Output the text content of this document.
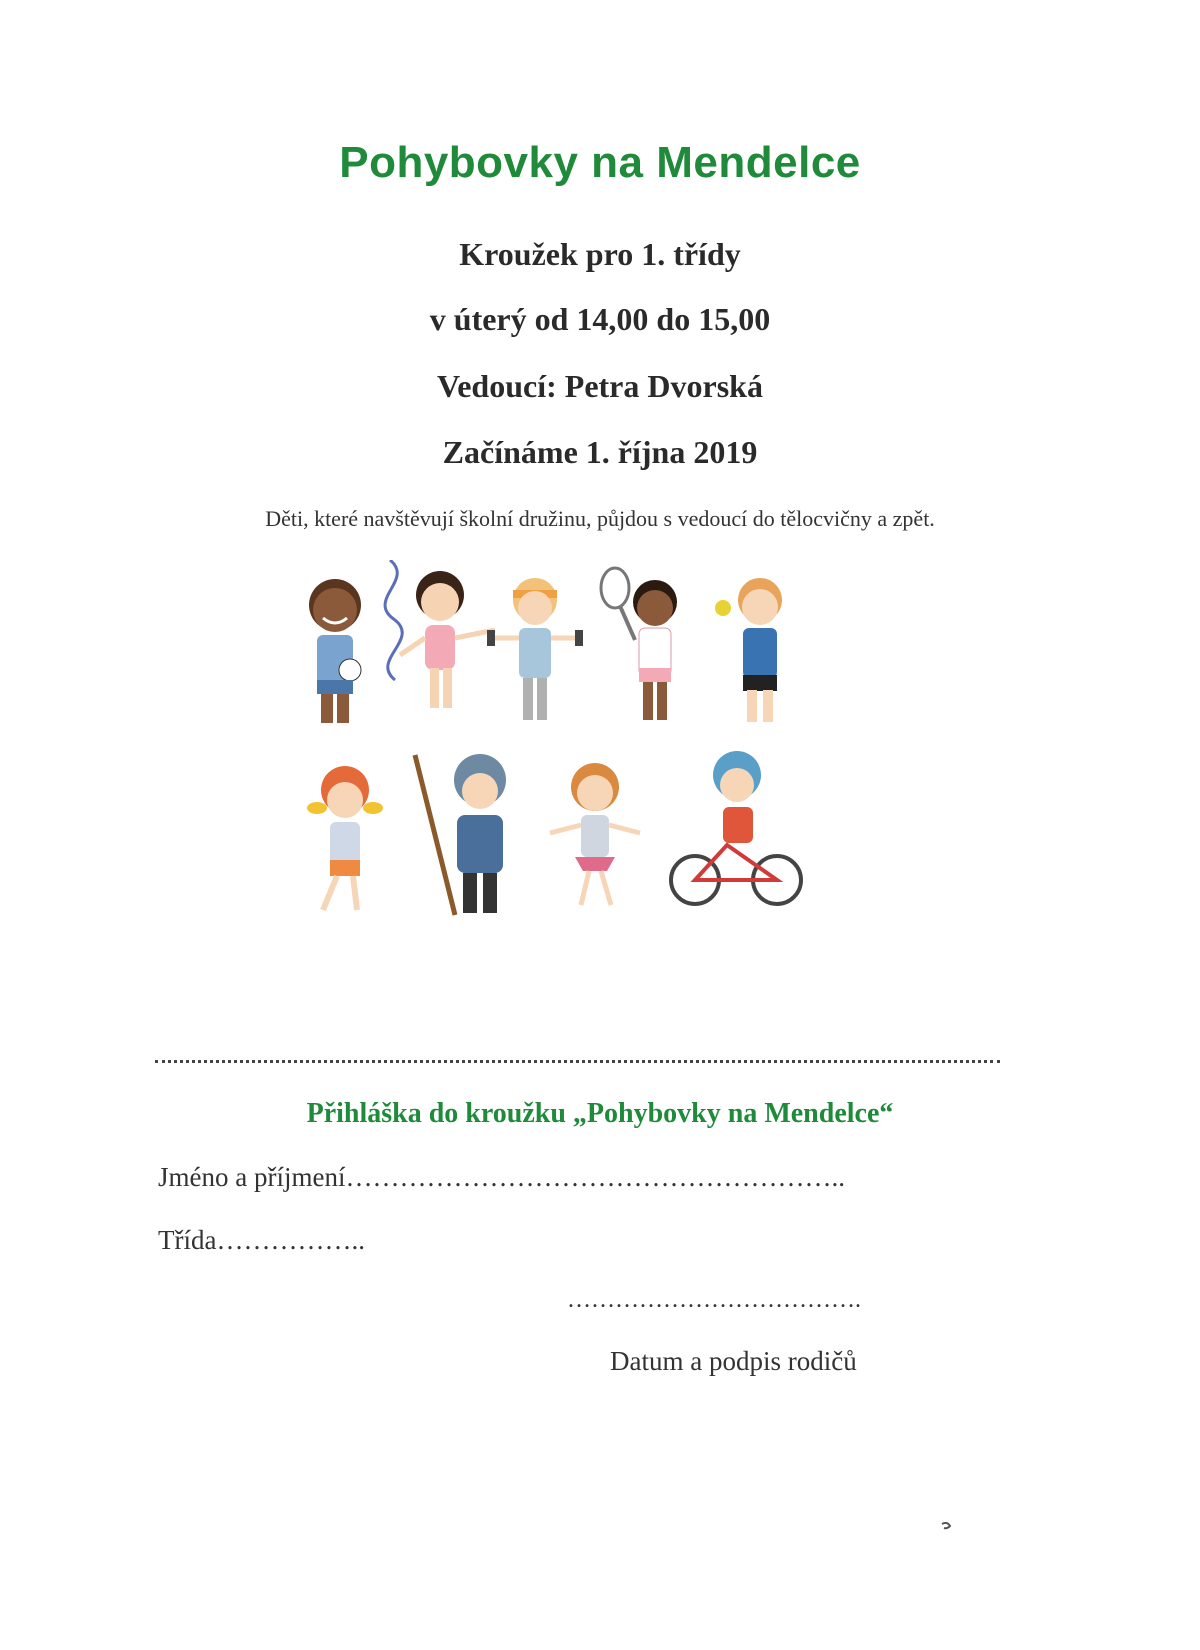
Pohybovky na Mendelce
Kroužek pro 1. třídy
v úterý od 14,00 do 15,00
Vedoucí: Petra Dvorská
Začínáme 1. října 2019
Děti, které navštěvují školní družinu, půjdou s vedoucí do tělocvičny a zpět.
Přihláška do kroužku „Pohybovky na Mendelce“
Jméno a příjmení………………………………………………..
Třída……………..
……………………………….
Datum a podpis rodičů
